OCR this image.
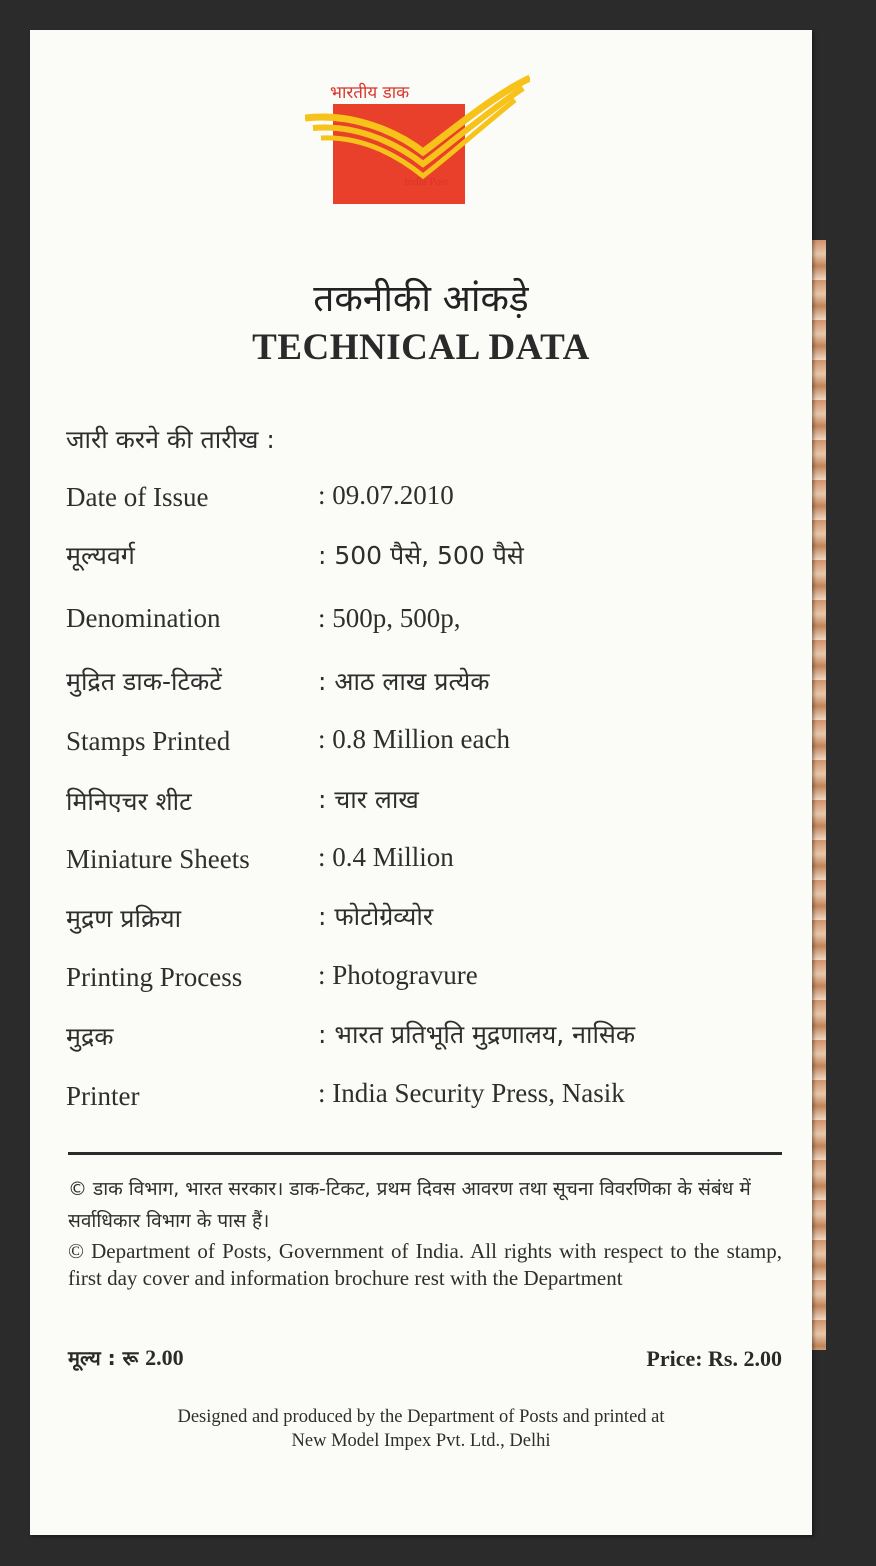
भारतीय डाक
India Post
तकनीकी आंकड़े
TECHNICAL DATA
जारी करने की तारीख :
Date of Issue	: 09.07.2010
मूल्यवर्ग	: 500 पैसे, 500 पैसे
Denomination	: 500p, 500p,
मुद्रित डाक-टिकटें	: आठ लाख प्रत्येक
Stamps Printed	: 0.8 Million each
मिनिएचर शीट	: चार लाख
Miniature Sheets	: 0.4 Million
मुद्रण प्रक्रिया	: फोटोग्रेव्योर
Printing Process	: Photogravure
मुद्रक	: भारत प्रतिभूति मुद्रणालय, नासिक
Printer	: India Security Press, Nasik
© डाक विभाग, भारत सरकार। डाक-टिकट, प्रथम दिवस आवरण तथा सूचना विवरणिका के संबंध में सर्वाधिकार विभाग के पास हैं।
© Department of Posts, Government of India. All rights with respect to the stamp, first day cover and information brochure rest with the Department
मूल्य : रू 2.00	Price: Rs. 2.00
Designed and produced by the Department of Posts and printed at
New Model Impex Pvt. Ltd., Delhi
